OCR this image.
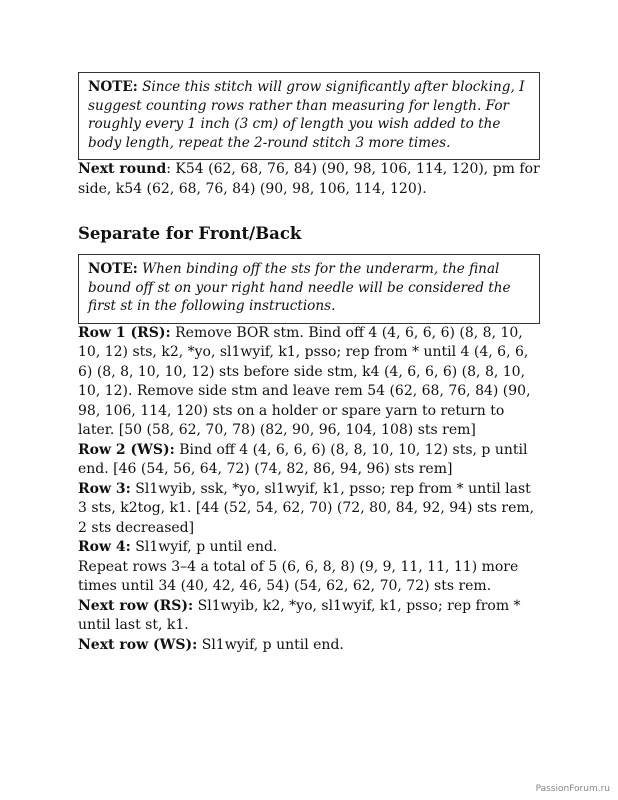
NOTE: Since this stitch will grow significantly after blocking, I suggest counting rows rather than measuring for length. For roughly every 1 inch (3 cm) of length you wish added to the body length, repeat the 2-round stitch 3 more times.

Next round: K54 (62, 68, 76, 84) (90, 98, 106, 114, 120), pm for side, k54 (62, 68, 76, 84) (90, 98, 106, 114, 120).

Separate for Front/Back
NOTE: When binding off the sts for the underarm, the final bound off st on your right hand needle will be considered the first st in the following instructions.

Row 1 (RS): Remove BOR stm. Bind off 4 (4, 6, 6, 6) (8, 8, 10, 10, 12) sts, k2, *yo, sl1wyif, k1, psso; rep from * until 4 (4, 6, 6, 6) (8, 8, 10, 10, 12) sts before side stm, k4 (4, 6, 6, 6) (8, 8, 10, 10, 12). Remove side stm and leave rem 54 (62, 68, 76, 84) (90, 98, 106, 114, 120) sts on a holder or spare yarn to return to later. [50 (58, 62, 70, 78) (82, 90, 96, 104, 108) sts rem]

Row 2 (WS): Bind off 4 (4, 6, 6, 6) (8, 8, 10, 10, 12) sts, p until end. [46 (54, 56, 64, 72) (74, 82, 86, 94, 96) sts rem]

Row 3: Sl1wyib, ssk, *yo, sl1wyif, k1, psso; rep from * until last 3 sts, k2tog, k1. [44 (52, 54, 62, 70) (72, 80, 84, 92, 94) sts rem, 2 sts decreased]

Row 4: Sl1wyif, p until end.

Repeat rows 3–4 a total of 5 (6, 6, 8, 8) (9, 9, 11, 11, 11) more times until 34 (40, 42, 46, 54) (54, 62, 62, 70, 72) sts rem.

Next row (RS): Sl1wyib, k2, *yo, sl1wyif, k1, psso; rep from * until last st, k1.

Next row (WS): Sl1wyif, p until end.

PassionForum.ru
